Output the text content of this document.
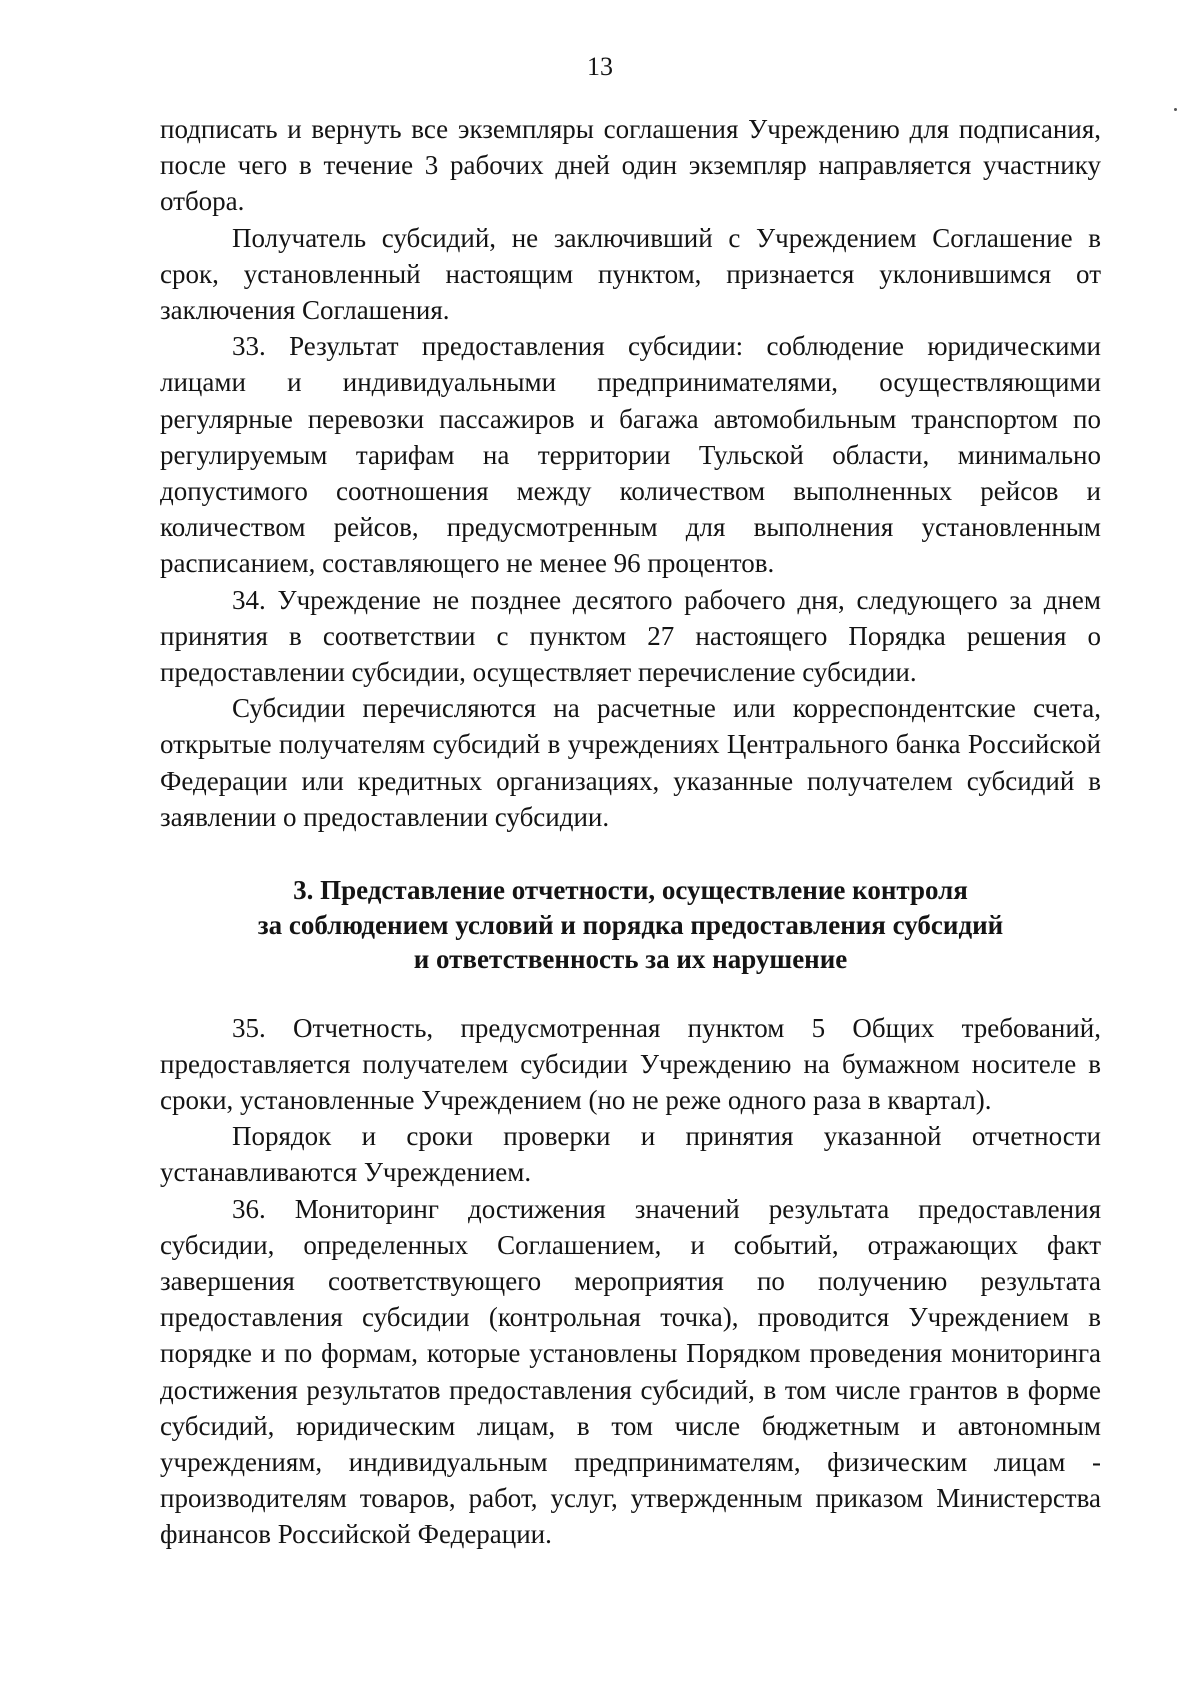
13

подписать и вернуть все экземпляры соглашения Учреждению для подписания, после чего в течение 3 рабочих дней один экземпляр направляется участнику отбора.

Получатель субсидий, не заключивший с Учреждением Соглашение в срок, установленный настоящим пунктом, признается уклонившимся от заключения Соглашения.

33. Результат предоставления субсидии: соблюдение юридическими лицами и индивидуальными предпринимателями, осуществляющими регулярные перевозки пассажиров и багажа автомобильным транспортом по регулируемым тарифам на территории Тульской области, минимально допустимого соотношения между количеством выполненных рейсов и количеством рейсов, предусмотренным для выполнения установленным расписанием, составляющего не менее 96 процентов.

34. Учреждение не позднее десятого рабочего дня, следующего за днем принятия в соответствии с пунктом 27 настоящего Порядка решения о предоставлении субсидии, осуществляет перечисление субсидии.

Субсидии перечисляются на расчетные или корреспондентские счета, открытые получателям субсидий в учреждениях Центрального банка Российской Федерации или кредитных организациях, указанные получателем субсидий в заявлении о предоставлении субсидии.

3. Представление отчетности, осуществление контроля
за соблюдением условий и порядка предоставления субсидий
и ответственность за их нарушение

35. Отчетность, предусмотренная пунктом 5 Общих требований, предоставляется получателем субсидии Учреждению на бумажном носителе в сроки, установленные Учреждением (но не реже одного раза в квартал).

Порядок и сроки проверки и принятия указанной отчетности устанавливаются Учреждением.

36. Мониторинг достижения значений результата предоставления субсидии, определенных Соглашением, и событий, отражающих факт завершения соответствующего мероприятия по получению результата предоставления субсидии (контрольная точка), проводится Учреждением в порядке и по формам, которые установлены Порядком проведения мониторинга достижения результатов предоставления субсидий, в том числе грантов в форме субсидий, юридическим лицам, в том числе бюджетным и автономным учреждениям, индивидуальным предпринимателям, физическим лицам - производителям товаров, работ, услуг, утвержденным приказом Министерства финансов Российской Федерации.
